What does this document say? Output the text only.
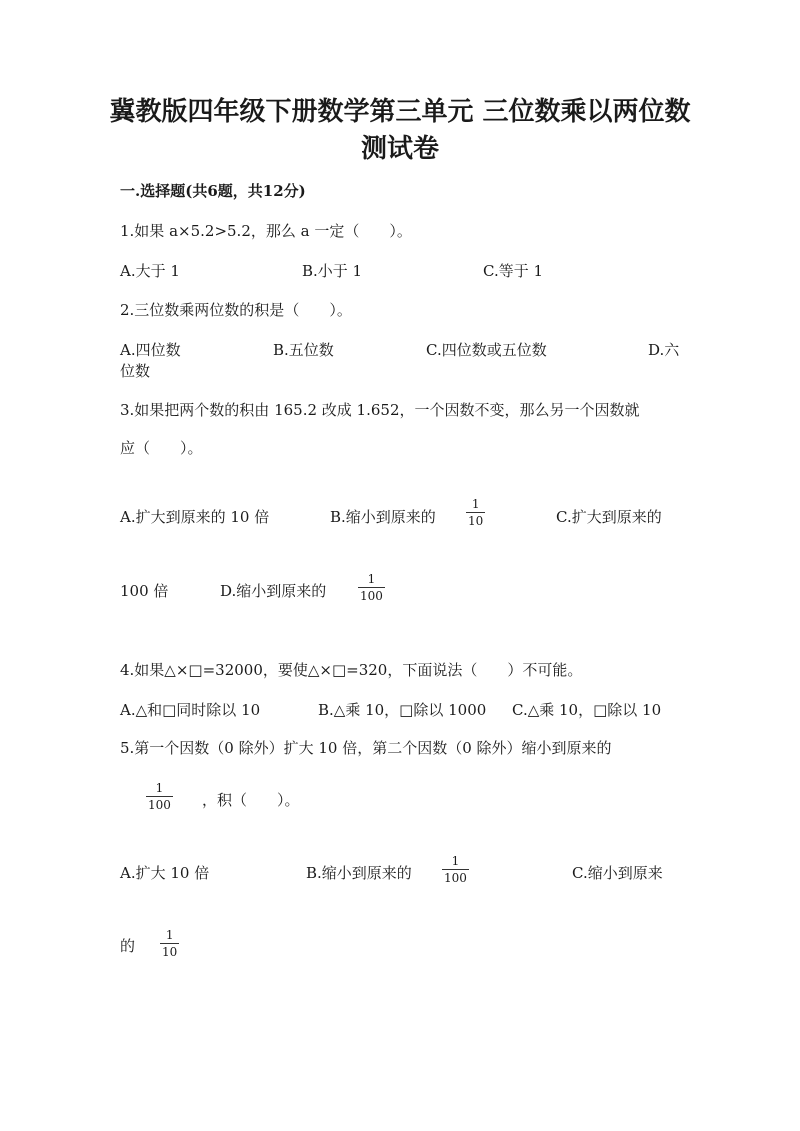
冀教版四年级下册数学第三单元 三位数乘以两位数
测试卷
一.选择题(共6题，共12分)
1.如果 a×5.2>5.2，那么 a 一定（　　）。
A.大于 1	B.小于 1	C.等于 1
2.三位数乘两位数的积是（　　）。
A.四位数	B.五位数	C.四位数或五位数	D.六
位数
3.如果把两个数的积由 165.2 改成 1.652，一个因数不变，那么另一个因数就
应（　　）。
A.扩大到原来的 10 倍	B.缩小到原来的
1
10	C.扩大到原来的
100 倍	D.缩小到原来的
1
100
4.如果△×□=32000，要使△×□=320，下面说法（　　）不可能。
A.△和□同时除以 10	B.△乘 10，□除以 1000 C.△乘 10，□除以 10
5.第一个因数（0 除外）扩大 10 倍，第二个因数（0 除外）缩小到原来的
1
100 ，积（　　）。
A.扩大 10 倍	B.缩小到原来的
1
100	C.缩小到原来
的
1
10
